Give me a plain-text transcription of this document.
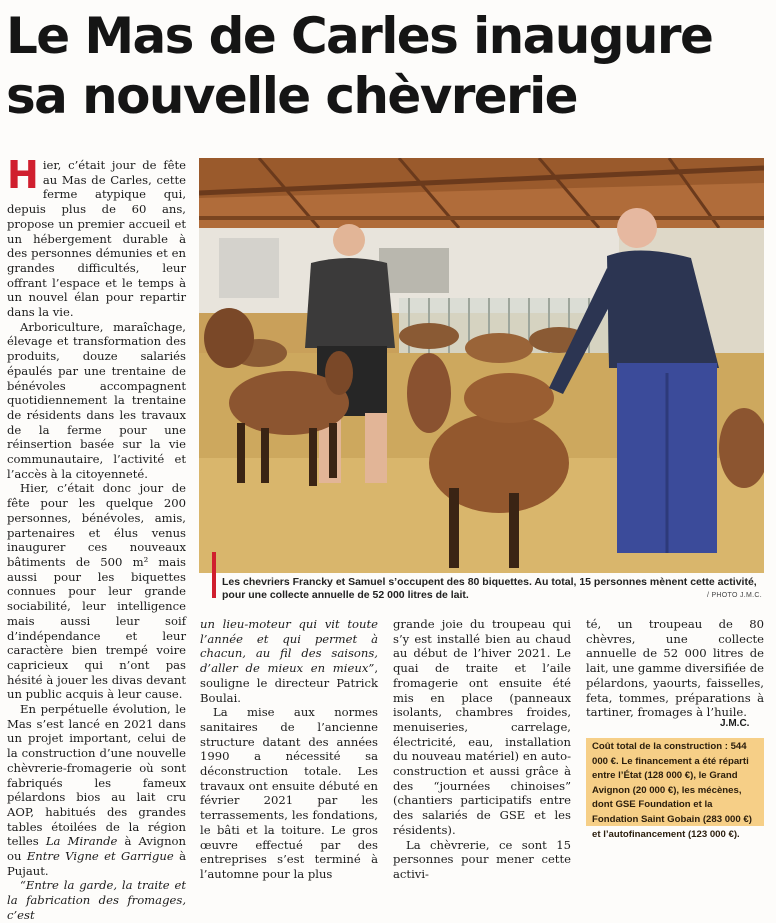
Le Mas de Carles inaugure
sa nouvelle chèvrerie

Hier, c’était jour de fête au Mas de Carles, cette ferme atypique qui, depuis plus de 60 ans, propose un premier accueil et un hébergement durable à des personnes démunies et en grandes difficultés, leur offrant l’espace et le temps à un nouvel élan pour repartir dans la vie.

Arboriculture, maraîchage, élevage et transformation des produits, douze salariés épaulés par une trentaine de bénévoles accompagnent quotidiennement la trentaine de résidents dans les travaux de la ferme pour une réinsertion basée sur la vie communautaire, l’activité et l’accès à la citoyenneté.

Hier, c’était donc jour de fête pour les quelque 200 personnes, bénévoles, amis, partenaires et élus venus inaugurer ces nouveaux bâtiments de 500 m² mais aussi pour les biquettes connues pour leur grande sociabilité, leur intelligence mais aussi leur soif d’indépendance et leur caractère bien trempé voire capricieux qui n’ont pas hésité à jouer les divas devant un public acquis à leur cause.

En perpétuelle évolution, le Mas s’est lancé en 2021 dans un projet important, celui de la construction d’une nouvelle chèvrerie-fromagerie où sont fabriqués les fameux pélardons bios au lait cru AOP, habitués des grandes tables étoilées de la région telles La Mirande à Avignon ou Entre Vigne et Garrigue à Pujaut.

“Entre la garde, la traite et la fabrication des fromages, c’est

Les chevriers Francky et Samuel s’occupent des 80 biquettes. Au total, 15 personnes mènent cette activité, pour une collecte annuelle de 52 000 litres de lait.	/ PHOTO J.M.C.

un lieu-moteur qui vit toute l’année et qui permet à chacun, au fil des saisons, d’aller de mieux en mieux”, souligne le directeur Patrick Boulai.

La mise aux normes sanitaires de l’ancienne structure datant des années 1990 a nécessité sa déconstruction totale. Les travaux ont ensuite débuté en février 2021 par les terrassements, les fondations, le bâti et la toiture. Le gros œuvre effectué par des entreprises s’est terminé à l’automne pour la plus

grande joie du troupeau qui s’y est installé bien au chaud au début de l’hiver 2021. Le quai de traite et l’aile fromagerie ont ensuite été mis en place (panneaux isolants, chambres froides, menuiseries, carrelage, électricité, eau, installation du nouveau matériel) en auto-construction et aussi grâce à des “journées chinoises” (chantiers participatifs entre des salariés de GSE et les résidents).

La chèvrerie, ce sont 15 personnes pour mener cette activi-

té, un troupeau de 80 chèvres, une collecte annuelle de 52 000 litres de lait, une gamme diversifiée de pélardons, yaourts, faisselles, feta, tommes, préparations à tartiner, fromages à l’huile.

J.M.C.
Coût total de la construction : 544 000 €. Le financement a été réparti entre l’État (128 000 €), le Grand Avignon (20 000 €), les mécènes, dont GSE Foundation et la Fondation Saint Gobain (283 000 €) et l’autofinancement (123 000 €).
